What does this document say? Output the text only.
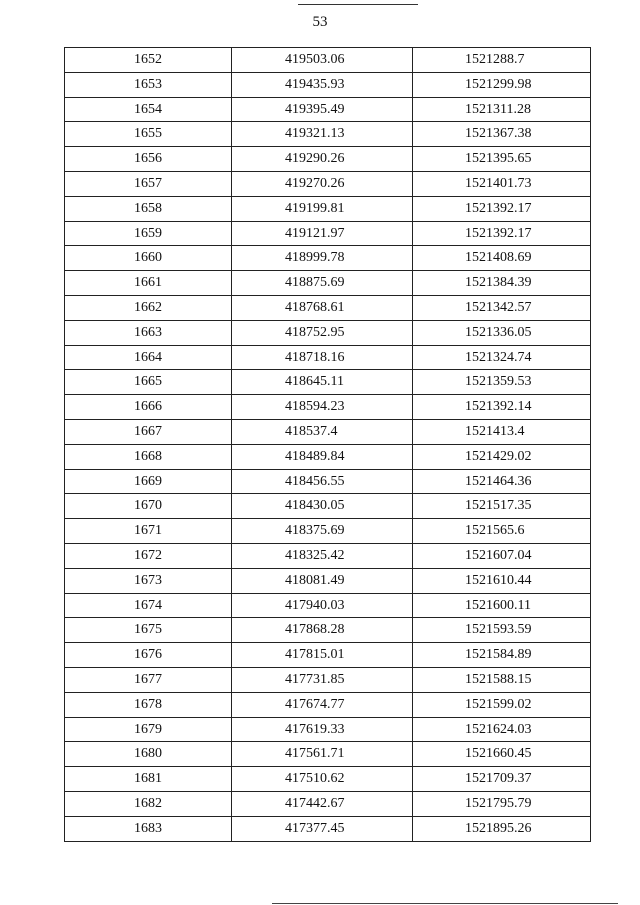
53
1652	419503.06	1521288.7
1653	419435.93	1521299.98
1654	419395.49	1521311.28
1655	419321.13	1521367.38
1656	419290.26	1521395.65
1657	419270.26	1521401.73
1658	419199.81	1521392.17
1659	419121.97	1521392.17
1660	418999.78	1521408.69
1661	418875.69	1521384.39
1662	418768.61	1521342.57
1663	418752.95	1521336.05
1664	418718.16	1521324.74
1665	418645.11	1521359.53
1666	418594.23	1521392.14
1667	418537.4	1521413.4
1668	418489.84	1521429.02
1669	418456.55	1521464.36
1670	418430.05	1521517.35
1671	418375.69	1521565.6
1672	418325.42	1521607.04
1673	418081.49	1521610.44
1674	417940.03	1521600.11
1675	417868.28	1521593.59
1676	417815.01	1521584.89
1677	417731.85	1521588.15
1678	417674.77	1521599.02
1679	417619.33	1521624.03
1680	417561.71	1521660.45
1681	417510.62	1521709.37
1682	417442.67	1521795.79
1683	417377.45	1521895.26
